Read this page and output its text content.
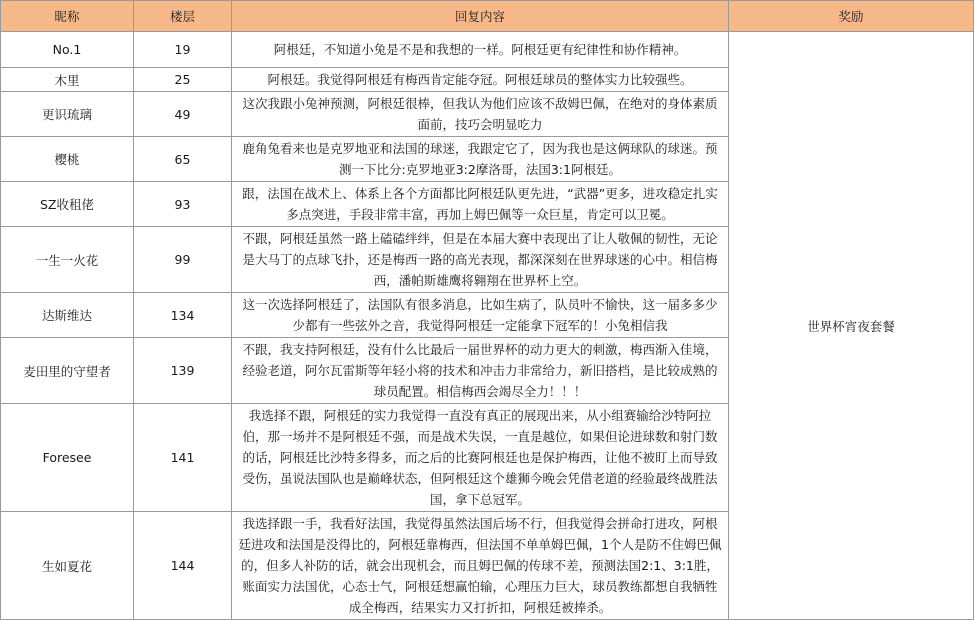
昵称	楼层	回复内容	奖励
No.1	19	阿根廷，不知道小兔是不是和我想的一样。阿根廷更有纪律性和协作精神。	世界杯宵夜套餐
木里	25	阿根廷。我觉得阿根廷有梅西肯定能夺冠。阿根廷球员的整体实力比较强些。	
更识琉璃	49	这次我跟小兔神预测，阿根廷很棒，但我认为他们应该不敌姆巴佩，在绝对的身体素质面前，技巧会明显吃力	
樱桃	65	鹿角兔看来也是克罗地亚和法国的球迷，我跟定它了，因为我也是这俩球队的球迷。预测一下比分:克罗地亚3:2摩洛哥，法国3:1阿根廷。	
SZ收租佬	93	跟，法国在战术上、体系上各个方面都比阿根廷队更先进，“武器”更多，进攻稳定扎实多点突进，手段非常丰富，再加上姆巴佩等一众巨星，肯定可以卫冕。	
一生一火花	99	不跟，阿根廷虽然一路上磕磕绊绊，但是在本届大赛中表现出了让人敬佩的韧性，无论是大马丁的点球飞扑，还是梅西一路的高光表现，都深深刻在世界球迷的心中。相信梅西，潘帕斯雄鹰将翱翔在世界杯上空。	
达斯维达	134	这一次选择阿根廷了，法国队有很多消息，比如生病了，队员叶不愉快，这一届多多少少都有一些弦外之音，我觉得阿根廷一定能拿下冠军的！小兔相信我	
麦田里的守望者	139	不跟，我支持阿根廷，没有什么比最后一届世界杯的动力更大的刺激，梅西渐入佳境，经验老道，阿尔瓦雷斯等年轻小将的技术和冲击力非常给力，新旧搭档，是比较成熟的球员配置。相信梅西会竭尽全力！！！	
Foresee	141	我选择不跟，阿根廷的实力我觉得一直没有真正的展现出来，从小组赛输给沙特阿拉伯，那一场并不是阿根廷不强，而是战术失误，一直是越位，如果但论进球数和射门数的话，阿根廷比沙特多得多，而之后的比赛阿根廷也是保护梅西，让他不被盯上而导致受伤，虽说法国队也是巅峰状态，但阿根廷这个雄狮今晚会凭借老道的经验最终战胜法国，拿下总冠军。	
生如夏花	144	我选择跟一手，我看好法国，我觉得虽然法国后场不行，但我觉得会拼命打进攻，阿根廷进攻和法国是没得比的，阿根廷靠梅西，但法国不单单姆巴佩，1个人是防不住姆巴佩的，但多人补防的话，就会出现机会，而且姆巴佩的传球不差，预测法国2:1、3:1胜，账面实力法国优，心态士气，阿根廷想赢怕输，心理压力巨大，球员教练都想自我牺牲成全梅西，结果实力又打折扣，阿根廷被捧杀。	
